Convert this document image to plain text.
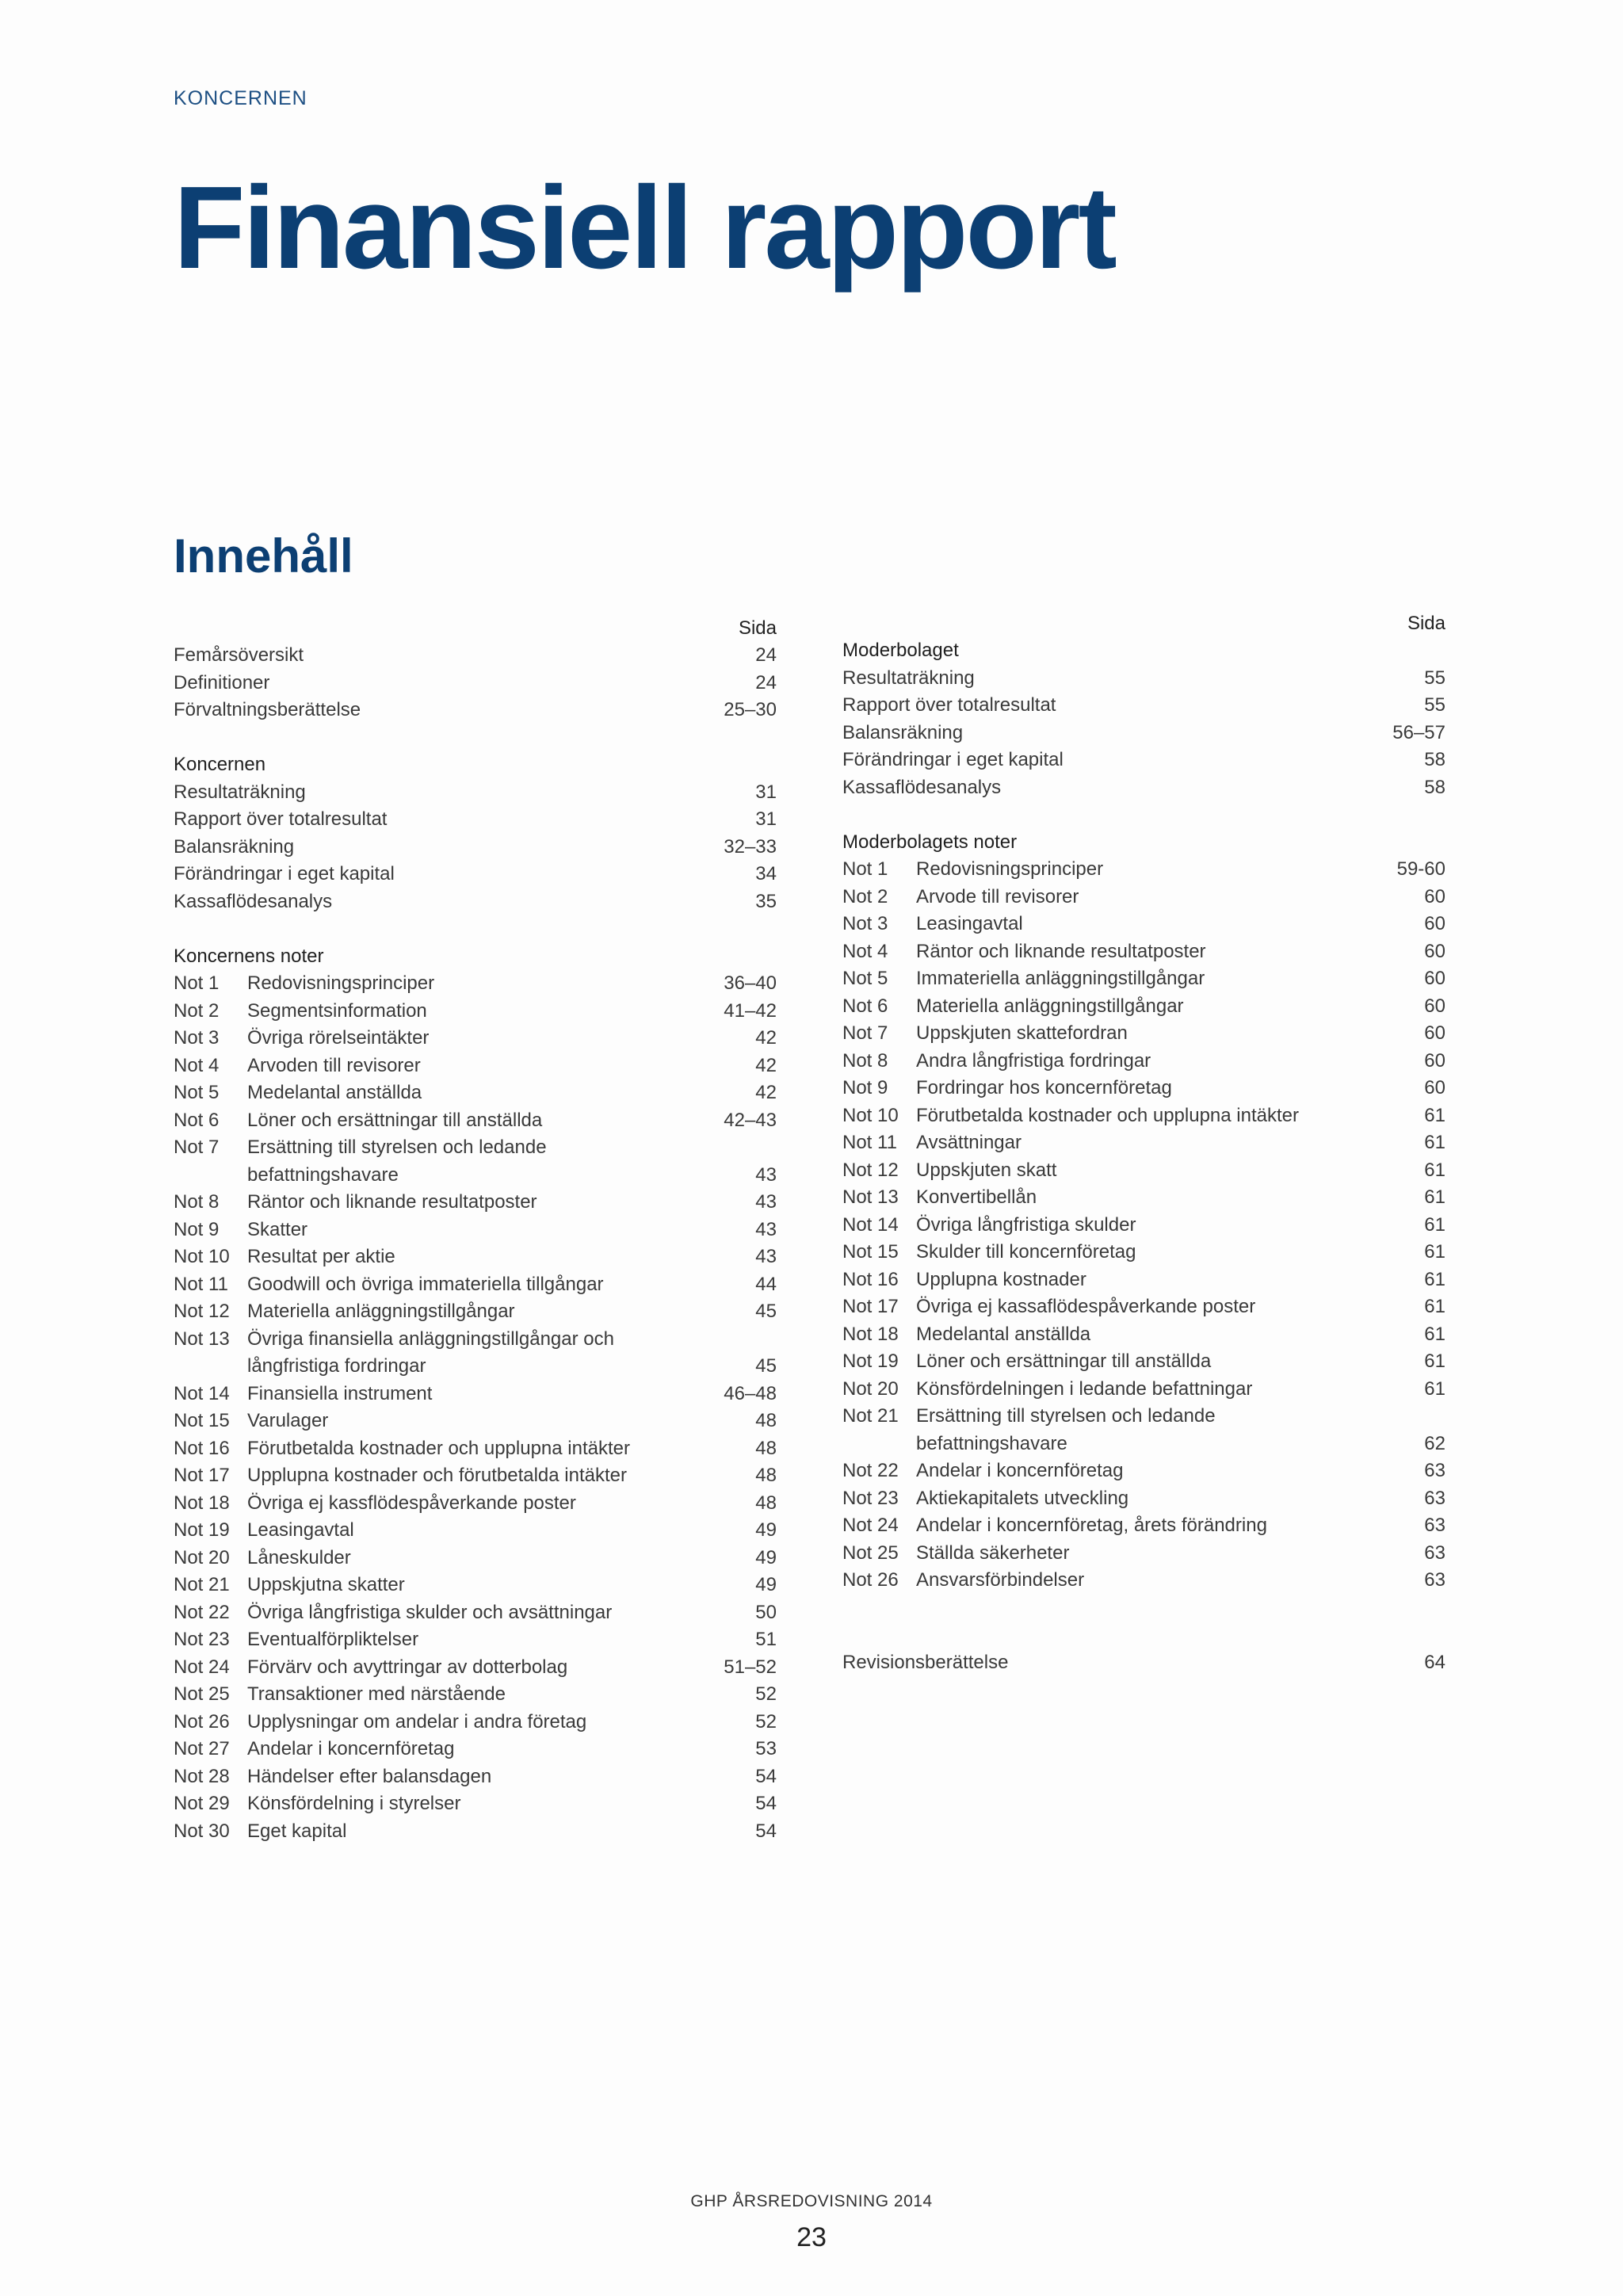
KONCERNEN
Finansiell rapport
Innehåll
Sida
Femårsöversikt	24
Definitioner	24
Förvaltningsberättelse	25–30
Koncernen
Resultaträkning	31
Rapport över totalresultat	31
Balansräkning	32–33
Förändringar i eget kapital	34
Kassaflödesanalys	35
Koncernens noter
Not 1 Redovisningsprinciper	36–40
Not 2 Segmentsinformation	41–42
Not 3 Övriga rörelseintäkter	42
Not 4 Arvoden till revisorer	42
Not 5 Medelantal anställda	42
Not 6 Löner och ersättningar till anställda	42–43
Not 7 Ersättning till styrelsen och ledande befattningshavare	43
Not 8 Räntor och liknande resultatposter	43
Not 9 Skatter	43
Not 10 Resultat per aktie	43
Not 11 Goodwill och övriga immateriella tillgångar	44
Not 12 Materiella anläggningstillgångar	45
Not 13 Övriga finansiella anläggningstillgångar och långfristiga fordringar	45
Not 14 Finansiella instrument	46–48
Not 15 Varulager	48
Not 16 Förutbetalda kostnader och upplupna intäkter	48
Not 17 Upplupna kostnader och förutbetalda intäkter	48
Not 18 Övriga ej kassflödespåverkande poster	48
Not 19 Leasingavtal	49
Not 20 Låneskulder	49
Not 21 Uppskjutna skatter	49
Not 22 Övriga långfristiga skulder och avsättningar	50
Not 23 Eventualförpliktelser	51
Not 24 Förvärv och avyttringar av dotterbolag	51–52
Not 25 Transaktioner med närstående	52
Not 26 Upplysningar om andelar i andra företag	52
Not 27 Andelar i koncernföretag	53
Not 28 Händelser efter balansdagen	54
Not 29 Könsfördelning i styrelser	54
Not 30 Eget kapital	54
Sida
Moderbolaget
Resultaträkning	55
Rapport över totalresultat	55
Balansräkning	56–57
Förändringar i eget kapital	58
Kassaflödesanalys	58
Moderbolagets noter
Not 1 Redovisningsprinciper	59-60
Not 2 Arvode till revisorer	60
Not 3 Leasingavtal	60
Not 4 Räntor och liknande resultatposter	60
Not 5 Immateriella anläggningstillgångar	60
Not 6 Materiella anläggningstillgångar	60
Not 7 Uppskjuten skattefordran	60
Not 8 Andra långfristiga fordringar	60
Not 9 Fordringar hos koncernföretag	60
Not 10 Förutbetalda kostnader och upplupna intäkter	61
Not 11 Avsättningar	61
Not 12 Uppskjuten skatt	61
Not 13 Konvertibellån	61
Not 14 Övriga långfristiga skulder	61
Not 15 Skulder till koncernföretag	61
Not 16 Upplupna kostnader	61
Not 17 Övriga ej kassaflödespåverkande poster	61
Not 18 Medelantal anställda	61
Not 19 Löner och ersättningar till anställda	61
Not 20 Könsfördelningen i ledande befattningar	61
Not 21 Ersättning till styrelsen och ledande befattningshavare	62
Not 22 Andelar i koncernföretag	63
Not 23 Aktiekapitalets utveckling	63
Not 24 Andelar i koncernföretag, årets förändring	63
Not 25 Ställda säkerheter	63
Not 26 Ansvarsförbindelser	63
Revisionsberättelse	64
GHP ÅRSREDOVISNING 2014
23
